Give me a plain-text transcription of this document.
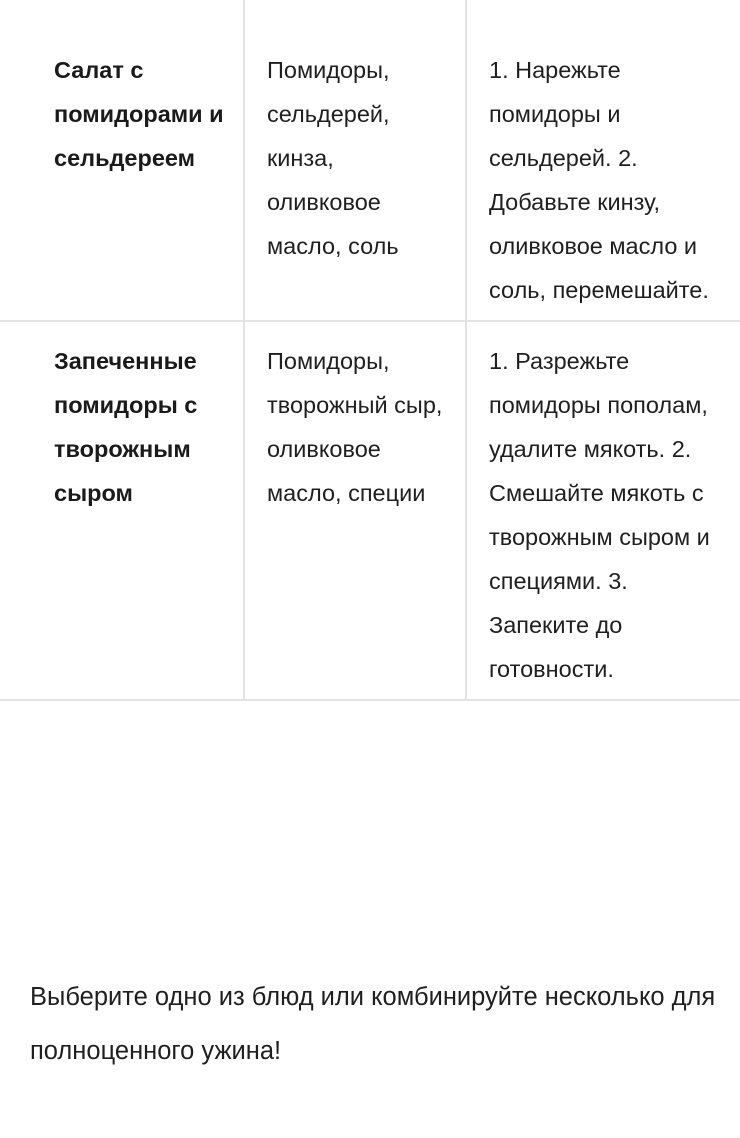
Салат с помидорами и сельдереем	Помидоры, сельдерей, кинза, оливковое масло, соль	1. Нарежьте помидоры и сельдерей. 2. Добавьте кинзу, оливковое масло и соль, перемешайте.
Запеченные помидоры с творожным сыром	Помидоры, творожный сыр, оливковое масло, специи	1. Разрежьте помидоры пополам, удалите мякоть. 2. Смешайте мякоть с творожным сыром и специями. 3. Запеките до готовности.

Выберите одно из блюд или комбинируйте несколько для полноценного ужина!
